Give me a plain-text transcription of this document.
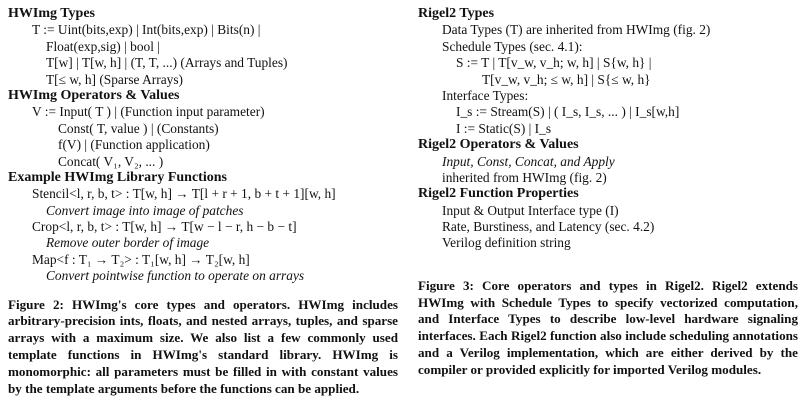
HWImg Types
T := Uint(bits,exp) | Int(bits,exp) | Bits(n) |
Float(exp,sig) | bool |
T[w] | T[w, h] | (T, T, ...) (Arrays and Tuples)
T[≤ w, h] (Sparse Arrays)
HWImg Operators & Values
V := Input( T ) | (Function input parameter)
Const( T, value ) | (Constants)
f(V) | (Function application)
Concat( V₁, V₂, ... )
Example HWImg Library Functions
Stencil<l, r, b, t> : T[w, h] → T[l + r + 1, b + t + 1][w, h]
Convert image into image of patches
Crop<l, r, b, t> : T[w, h] → T[w − l − r, h − b − t]
Remove outer border of image
Map<f : T₁ → T₂> : T₁[w, h] → T₂[w, h]
Convert pointwise function to operate on arrays
Figure 2: HWImg's core types and operators. HWImg includes arbitrary-precision ints, floats, and nested arrays, tuples, and sparse arrays with a maximum size. We also list a few commonly used template functions in HWImg's standard library. HWImg is monomorphic: all parameters must be filled in with constant values by the template arguments before the functions can be applied.
Rigel2 Types
Data Types (T) are inherited from HWImg (fig. 2)
Schedule Types (sec. 4.1):
S := T | T[v_w, v_h; w, h] | S{w, h} |
T[v_w, v_h; ≤ w, h] | S{≤ w, h}
Interface Types:
I_s := Stream(S) | ( I_s, I_s, ... ) | I_s[w,h]
I := Static(S) | I_s
Rigel2 Operators & Values
Input, Const, Concat, and Apply
inherited from HWImg (fig. 2)
Rigel2 Function Properties
Input & Output Interface type (I)
Rate, Burstiness, and Latency (sec. 4.2)
Verilog definition string
Figure 3: Core operators and types in Rigel2. Rigel2 extends HWImg with Schedule Types to specify vectorized computation, and Interface Types to describe low-level hardware signaling interfaces. Each Rigel2 function also include scheduling annotations and a Verilog implementation, which are either derived by the compiler or provided explicitly for imported Verilog modules.
